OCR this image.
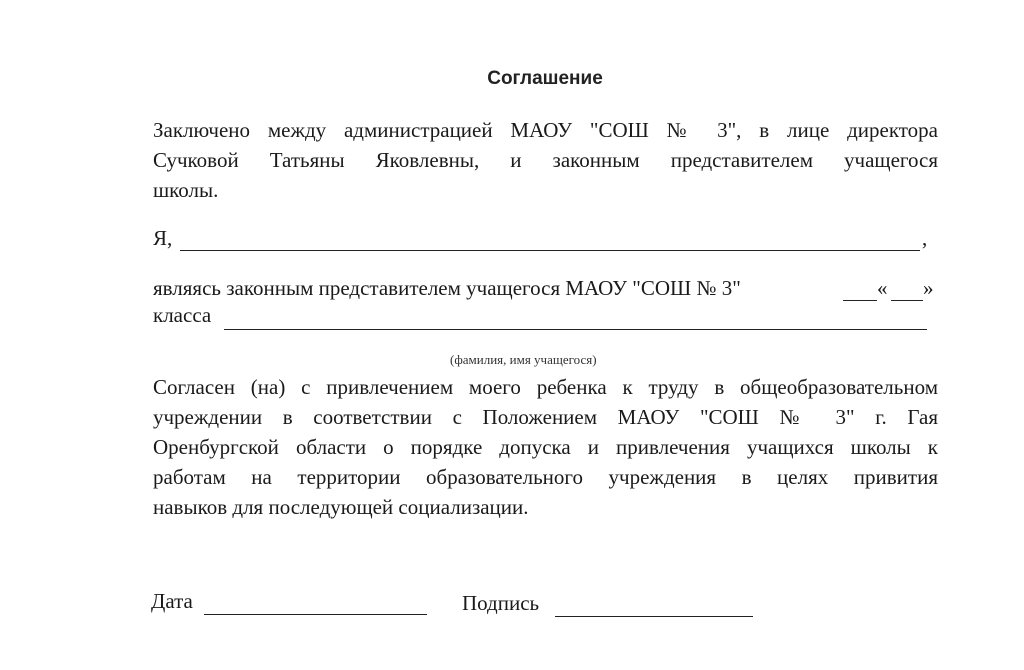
Соглашение
Заключено между администрацией МАОУ "СОШ № 3", в лице директора
Сучковой Татьяны Яковлевны, и законным представителем учащегося
школы.
Я,	,
являясь законным представителем учащегося МАОУ "СОШ № 3"	« »
класса
(фамилия, имя учащегося)
Согласен (на) с привлечением моего ребенка к труду в общеобразовательном
учреждении в соответствии с Положением МАОУ "СОШ № 3" г. Гая
Оренбургской области о порядке допуска и привлечения учащихся школы к
работам на территории образовательного учреждения в целях привития
навыков для последующей социализации.
Дата	Подпись
